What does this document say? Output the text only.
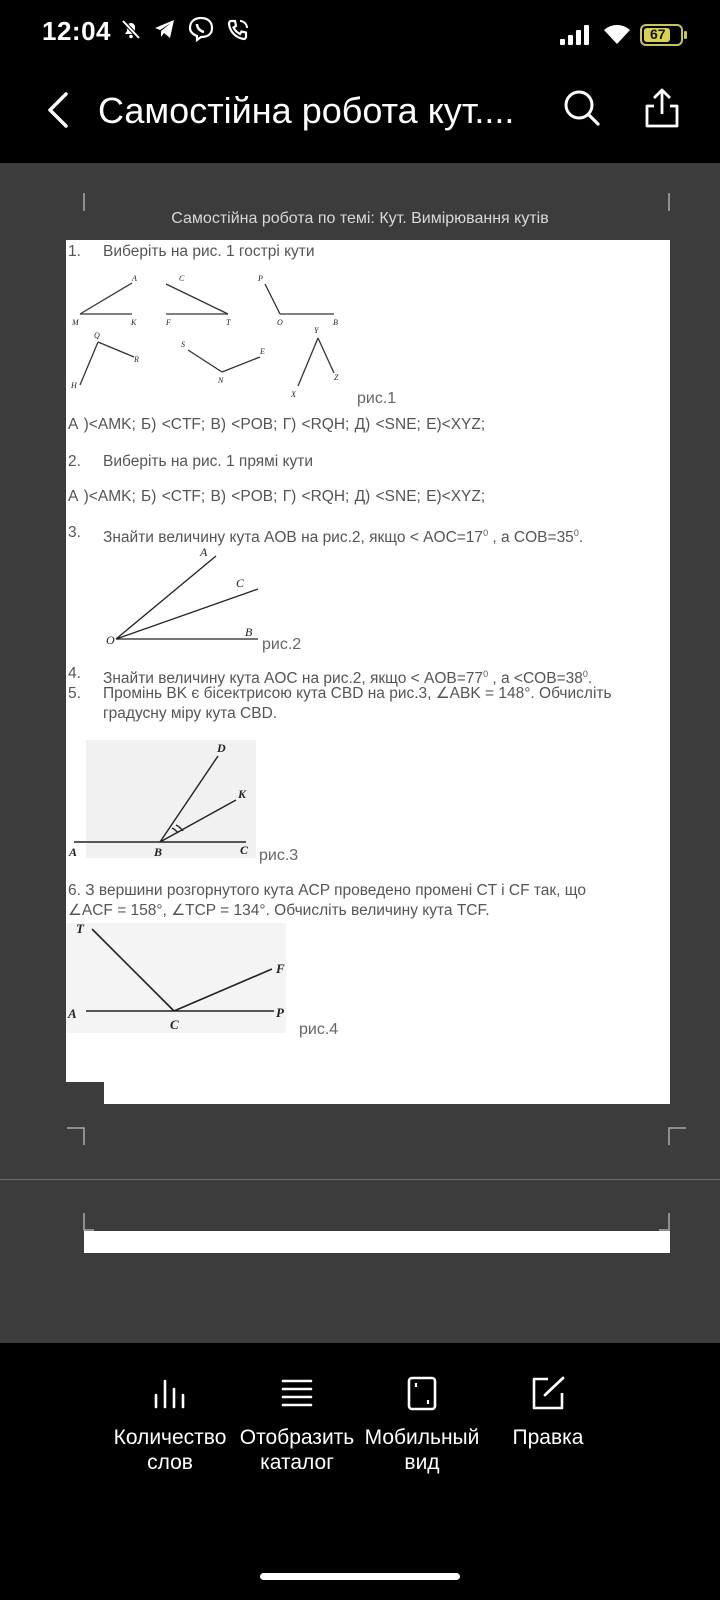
12:04	67
Самостійна робота кут....
Самостійна робота по темі: Кут. Вимірювання кутів
1. Виберіть на рис. 1 гострі кути
A
M	K
C
F	T
P
O	B
Q
R
H
S
E
N
Y
X
Z
рис.1
А )<AMK; Б) <CTF; В) <POB; Г) <RQH; Д) <SNE; Е)<XYZ;
2. Виберіть на рис. 1 прямі кути
А )<AMK; Б) <CTF; В) <POB; Г) <RQH; Д) <SNE; Е)<XYZ;
3. Знайти величину кута AOB на рис.2, якщо < $AOC=17^0$ , а $COB=35^0$.
A
C
O
B
рис.2
4. Знайти величину кута AOC на рис.2, якщо < $AOB=77^0$ , $а <COB=38^0$.
5. Промінь BK є бісектрисою кута CBD на рис.3, ∠ABK = 148°. Обчисліть
градусну міру кута CBD.
D
K
A	B	C рис.3
6. З вершини розгорнутого кута ACP проведено промені CT і CF так, що
∠ACF = 158°, ∠TCP = 134°. Обчисліть величину кута TCF.
T
F
A
C
P
рис.4
Количество
слов
Отобразить
каталог
Мобильный
вид
Правка
